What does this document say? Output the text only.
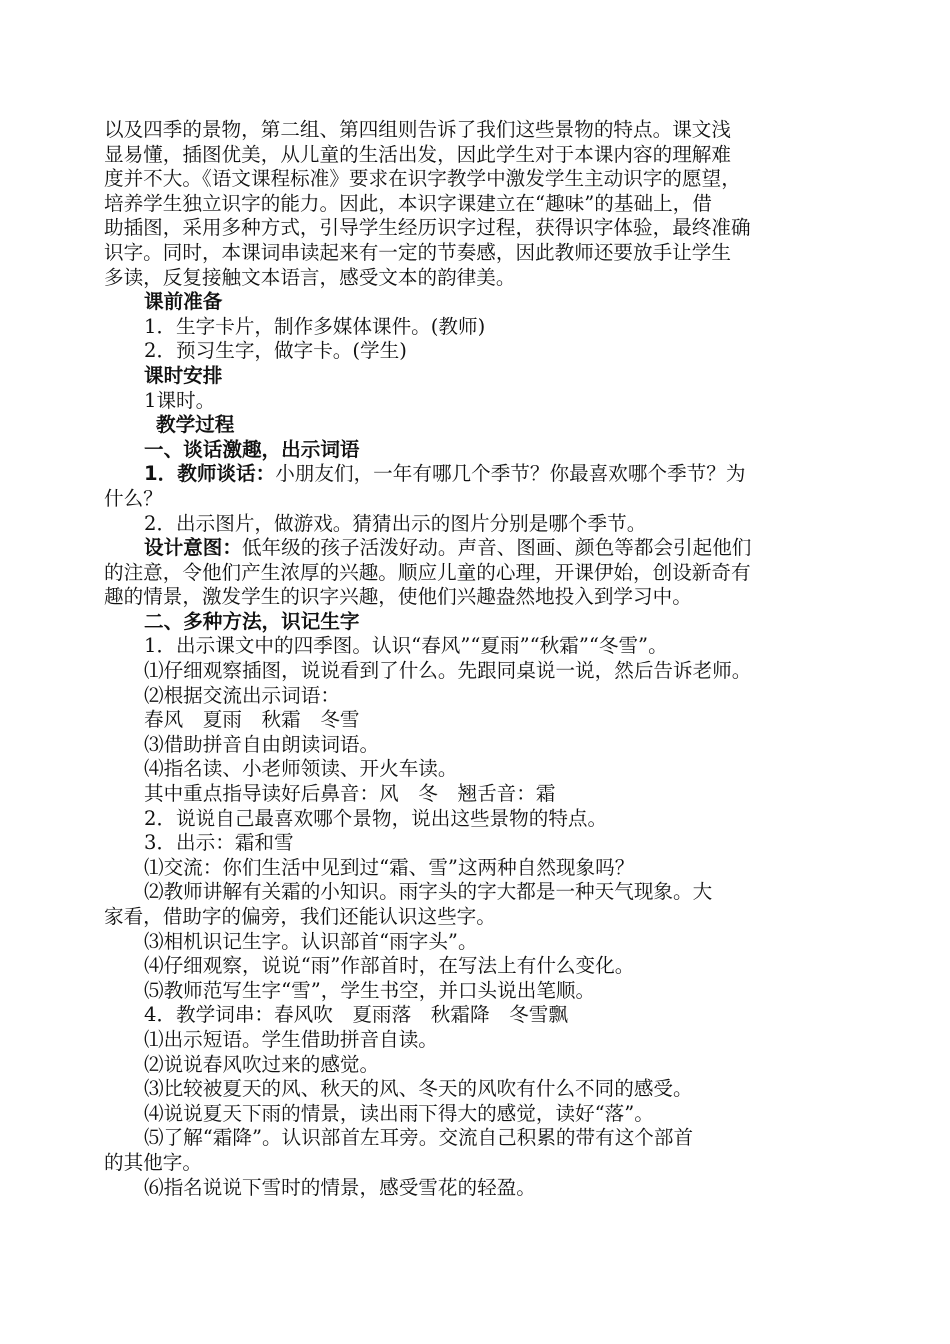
以及四季的景物，第二组、第四组则告诉了我们这些景物的特点。课文浅

显易懂，插图优美，从儿童的生活出发，因此学生对于本课内容的理解难

度并不大。《语文课程标准》要求在识字教学中激发学生主动识字的愿望，

培养学生独立识字的能力。因此，本识字课建立在“趣味”的基础上，借

助插图，采用多种方式，引导学生经历识字过程，获得识字体验，最终准确

识字。同时，本课词串读起来有一定的节奏感，因此教师还要放手让学生

多读，反复接触文本语言，感受文本的韵律美。

课前准备

1．生字卡片，制作多媒体课件。(教师)

2．预习生字，做字卡。(学生)

课时安排

1课时。

教学过程

一、谈话激趣，出示词语

1．教师谈话：小朋友们，一年有哪几个季节？你最喜欢哪个季节？为

什么？

2．出示图片，做游戏。猜猜出示的图片分别是哪个季节。

设计意图：低年级的孩子活泼好动。声音、图画、颜色等都会引起他们

的注意，令他们产生浓厚的兴趣。顺应儿童的心理，开课伊始，创设新奇有

趣的情景，激发学生的识字兴趣，使他们兴趣盎然地投入到学习中。

二、多种方法，识记生字

1．出示课文中的四季图。认识“春风”“夏雨”“秋霜”“冬雪”。

⑴仔细观察插图，说说看到了什么。先跟同桌说一说，然后告诉老师。

⑵根据交流出示词语：

春风　夏雨　秋霜　冬雪

⑶借助拼音自由朗读词语。

⑷指名读、小老师领读、开火车读。

其中重点指导读好后鼻音：风　冬　翘舌音：霜

2．说说自己最喜欢哪个景物，说出这些景物的特点。

3．出示：霜和雪

⑴交流：你们生活中见到过“霜、雪”这两种自然现象吗？

⑵教师讲解有关霜的小知识。雨字头的字大都是一种天气现象。大

家看，借助字的偏旁，我们还能认识这些字。

⑶相机识记生字。认识部首“雨字头”。

⑷仔细观察，说说“雨”作部首时，在写法上有什么变化。

⑸教师范写生字“雪”，学生书空，并口头说出笔顺。

4．教学词串：春风吹　夏雨落　秋霜降　冬雪飘

⑴出示短语。学生借助拼音自读。

⑵说说春风吹过来的感觉。

⑶比较被夏天的风、秋天的风、冬天的风吹有什么不同的感受。

⑷说说夏天下雨的情景，读出雨下得大的感觉，读好“落”。

⑸了解“霜降”。认识部首左耳旁。交流自己积累的带有这个部首

的其他字。

⑹指名说说下雪时的情景，感受雪花的轻盈。
